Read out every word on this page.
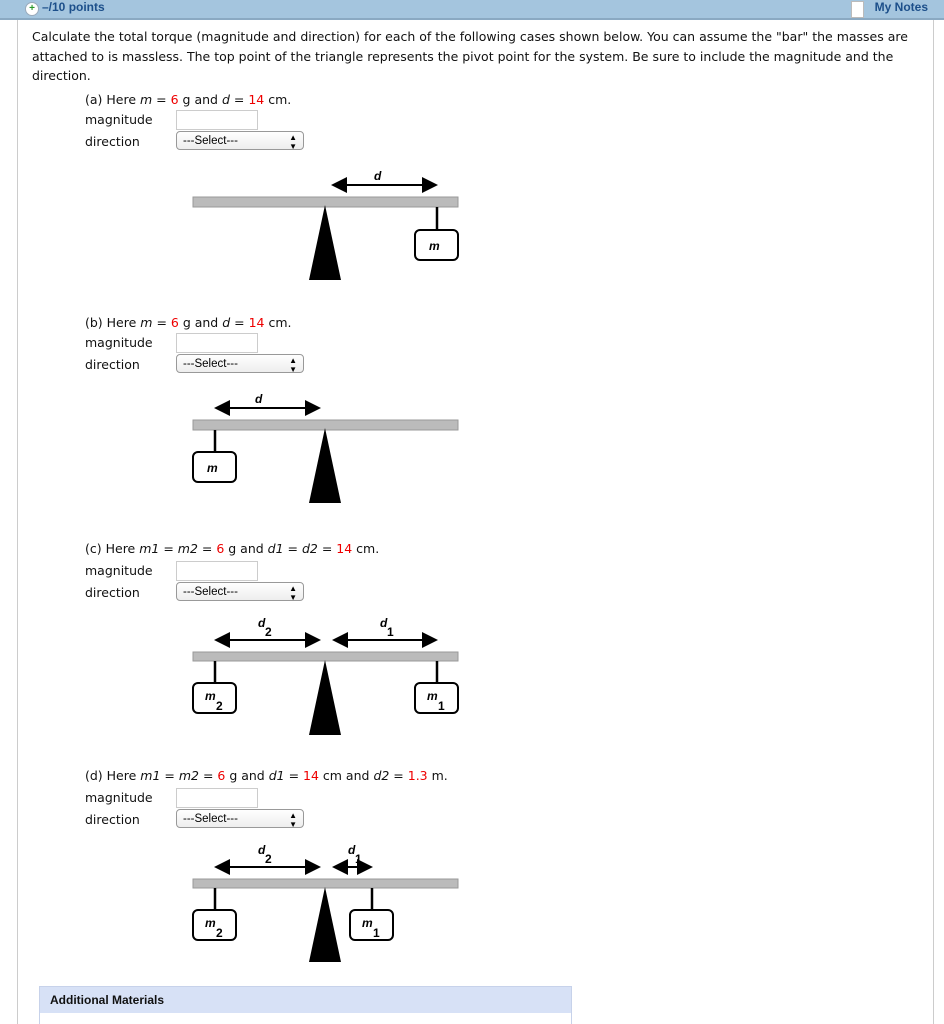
+ –/10 points	My Notes
Calculate the total torque (magnitude and direction) for each of the following cases shown below. You can assume the "bar" the masses are attached to is massless. The top point of the triangle represents the pivot point for the system. Be sure to include the magnitude and the direction.
(a) Here m = 6 g and d = 14 cm.
magnitude
direction	---Select---	▲
▼
(b) Here m = 6 g and d = 14 cm.
magnitude
direction	---Select---	▲
▼
(c) Here m1 = m2 = 6 g and d1 = d2 = 14 cm.
magnitude
direction	---Select---	▲
▼
(d) Here m1 = m2 = 6 g and d1 = 14 cm and d2 = 1.3 m.
magnitude
direction	---Select---	▲
▼
d
m
d
m
d
2
d
1
m
2
m
1
d
2
d
1
m
2
m
1
Additional Materials
